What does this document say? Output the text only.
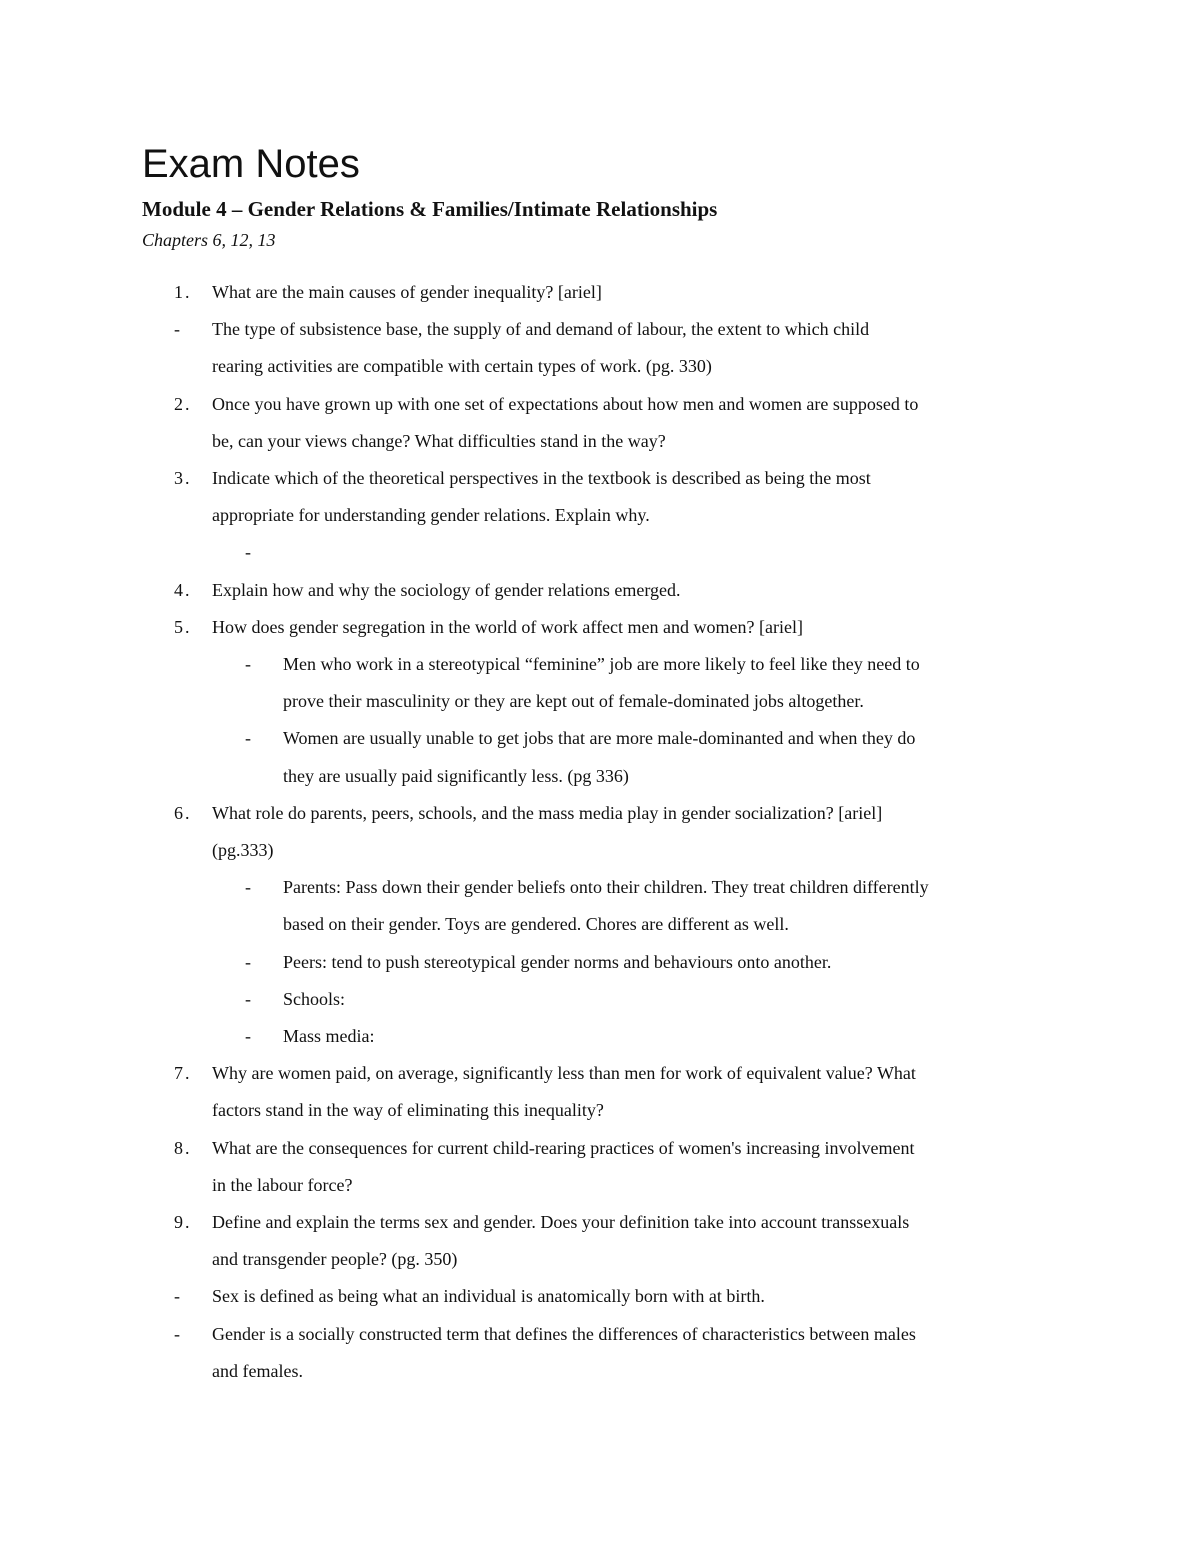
Exam Notes
Module 4 – Gender Relations & Families/Intimate Relationships
Chapters 6, 12, 13
1. What are the main causes of gender inequality? [ariel]
- The type of subsistence base, the supply of and demand of labour, the extent to which child
rearing activities are compatible with certain types of work. (pg. 330)
2. Once you have grown up with one set of expectations about how men and women are supposed to
be, can your views change? What difficulties stand in the way?
3. Indicate which of the theoretical perspectives in the textbook is described as being the most
appropriate for understanding gender relations. Explain why.
-
4. Explain how and why the sociology of gender relations emerged.
5. How does gender segregation in the world of work affect men and women? [ariel]
- Men who work in a stereotypical “feminine” job are more likely to feel like they need to
prove their masculinity or they are kept out of female-dominated jobs altogether.
- Women are usually unable to get jobs that are more male-dominanted and when they do
they are usually paid significantly less. (pg 336)
6. What role do parents, peers, schools, and the mass media play in gender socialization? [ariel]
(pg.333)
- Parents: Pass down their gender beliefs onto their children. They treat children differently
based on their gender. Toys are gendered. Chores are different as well.
- Peers: tend to push stereotypical gender norms and behaviours onto another.
- Schools:
- Mass media:
7. Why are women paid, on average, significantly less than men for work of equivalent value? What
factors stand in the way of eliminating this inequality?
8. What are the consequences for current child-rearing practices of women's increasing involvement
in the labour force?
9. Define and explain the terms sex and gender. Does your definition take into account transsexuals
and transgender people? (pg. 350)
- Sex is defined as being what an individual is anatomically born with at birth.
- Gender is a socially constructed term that defines the differences of characteristics between males
and females.
